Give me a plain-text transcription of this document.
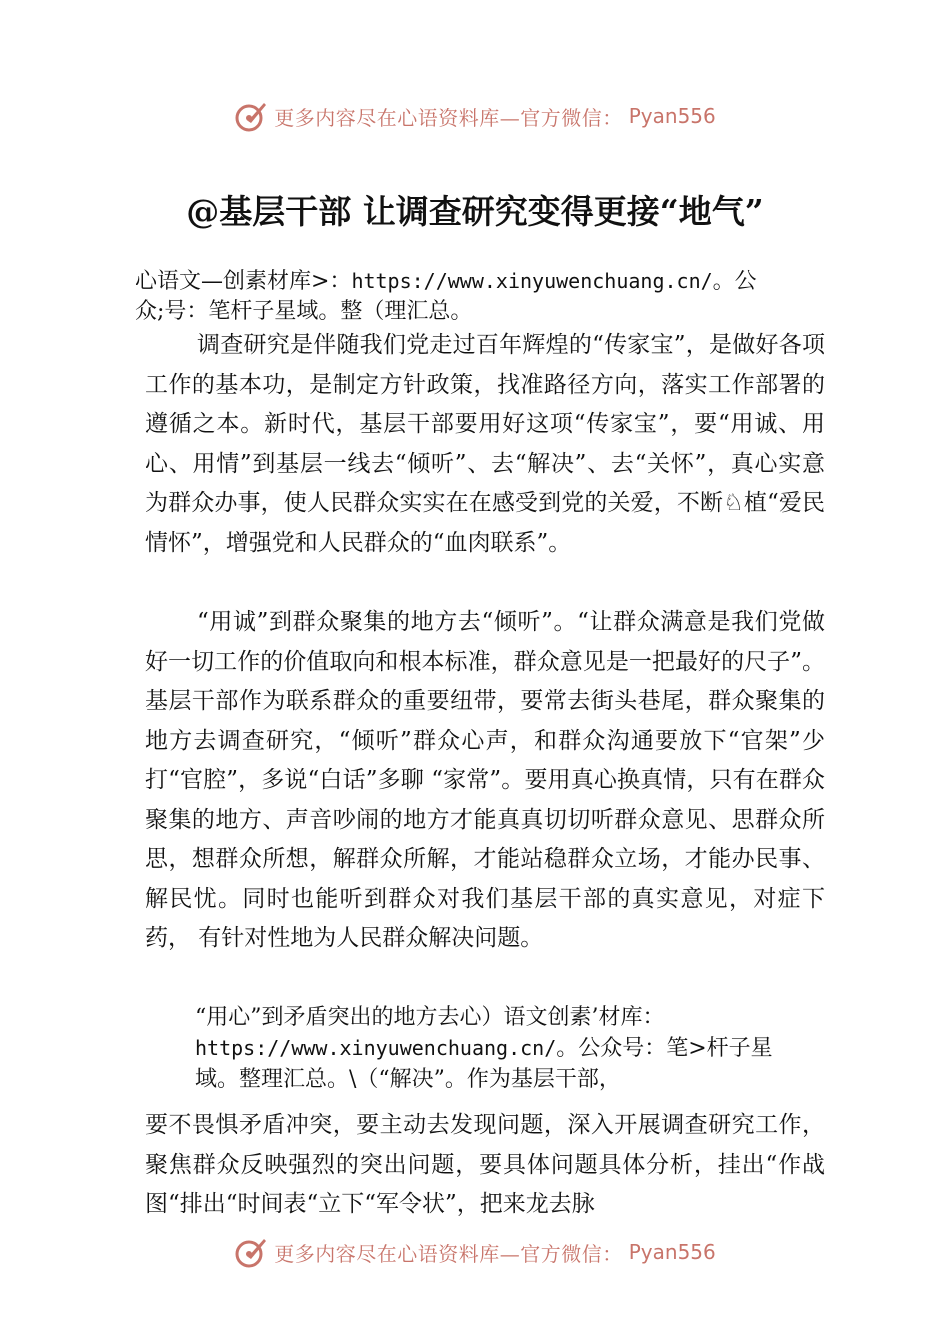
更多内容尽在心语资料库—官方微信： Pyan556
@基层干部 让调查研究变得更接“地气”
心语文—创素材库>：https://www.xinyuwenchuang.cn/。公
众;号：笔杆子星域。整（理汇总。
调查研究是伴随我们党走过百年辉煌的“传家宝”，是做好各项工作的基本功，是制定方针政策，找准路径方向，落实工作部署的遵循之本。新时代，基层干部要用好这项“传家宝”，要“用诚、用心、用情”到基层一线去“倾听”、去“解决”、去“关怀”，真心实意为群众办事，使人民群众实实在在感受到党的关爱，不断♘植“爱民情怀”，增强党和人民群众的“血肉联系”。
“用诚”到群众聚集的地方去“倾听”。“让群众满意是我们党做好一切工作的价值取向和根本标准，群众意见是一把最好的尺子”。基层干部作为联系群众的重要纽带，要常去街头巷尾，群众聚集的地方去调查研究，“倾听”群众心声，和群众沟通要放下“官架”少打“官腔”，多说“白话”多聊 “家常”。要用真心换真情，只有在群众聚集的地方、声音吵闹的地方才能真真切切听群众意见、思群众所思，想群众所想，解群众所解，才能站稳群众立场，才能办民事、解民忧。同时也能听到群众对我们基层干部的真实意见，对症下药， 有针对性地为人民群众解决问题。
“用心”到矛盾突出的地方去心）语文创素’材库：
https://www.xinyuwenchuang.cn/。公众号：笔>杆子星
域。整理汇总。\（“解决”。作为基层干部，
要不畏惧矛盾冲突，要主动去发现问题，深入开展调查研究工作，聚焦群众反映强烈的突出问题，要具体问题具体分析，挂出“作战图“排出“时间表“立下“军令状”，把来龙去脉
更多内容尽在心语资料库—官方微信： Pyan556
